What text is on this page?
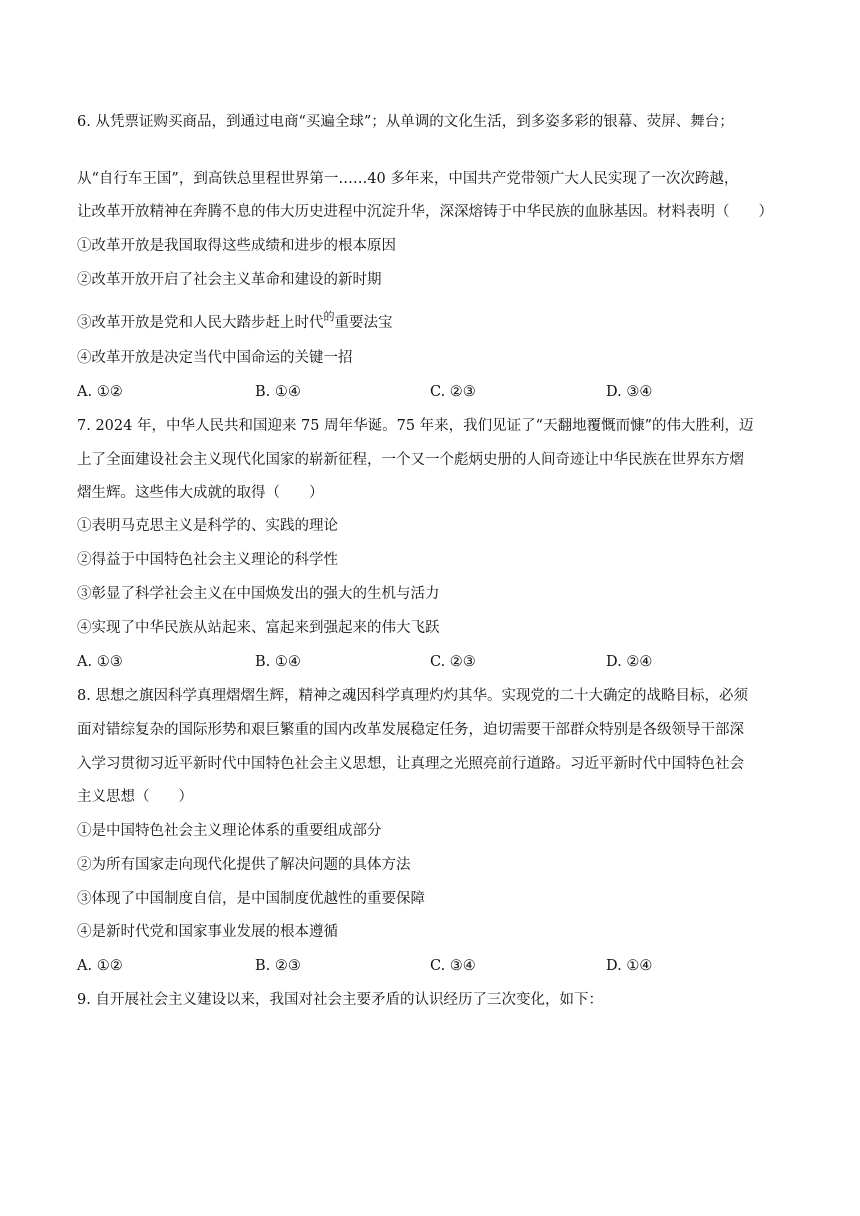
6. 从凭票证购买商品，到通过电商“买遍全球”；从单调的文化生活，到多姿多彩的银幕、荧屏、舞台；
从“自行车王国”，到高铁总里程世界第一……40 多年来，中国共产党带领广大人民实现了一次次跨越，
让改革开放精神在奔腾不息的伟大历史进程中沉淀升华，深深熔铸于中华民族的血脉基因。材料表明（　　）
①改革开放是我国取得这些成绩和进步的根本原因
②改革开放开启了社会主义革命和建设的新时期
③改革开放是党和人民大踏步赶上时代$^的$重要法宝
④改革开放是决定当代中国命运的关键一招
A. ①②	B. ①④	C. ②③	D. ③④
7. 2024 年，中华人民共和国迎来 75 周年华诞。75 年来，我们见证了“天翻地覆慨而慷”的伟大胜利，迈
上了全面建设社会主义现代化国家的崭新征程，一个又一个彪炳史册的人间奇迹让中华民族在世界东方熠
熠生辉。这些伟大成就的取得（　　）
①表明马克思主义是科学的、实践的理论
②得益于中国特色社会主义理论的科学性
③彰显了科学社会主义在中国焕发出的强大的生机与活力
④实现了中华民族从站起来、富起来到强起来的伟大飞跃
A. ①③	B. ①④	C. ②③	D. ②④
8. 思想之旗因科学真理熠熠生辉，精神之魂因科学真理灼灼其华。实现党的二十大确定的战略目标，必须
面对错综复杂的国际形势和艰巨繁重的国内改革发展稳定任务，迫切需要干部群众特别是各级领导干部深
入学习贯彻习近平新时代中国特色社会主义思想，让真理之光照亮前行道路。习近平新时代中国特色社会
主义思想（　　）
①是中国特色社会主义理论体系的重要组成部分
②为所有国家走向现代化提供了解决问题的具体方法
③体现了中国制度自信，是中国制度优越性的重要保障
④是新时代党和国家事业发展的根本遵循
A. ①②	B. ②③	C. ③④	D. ①④
9. 自开展社会主义建设以来，我国对社会主要矛盾的认识经历了三次变化，如下：
